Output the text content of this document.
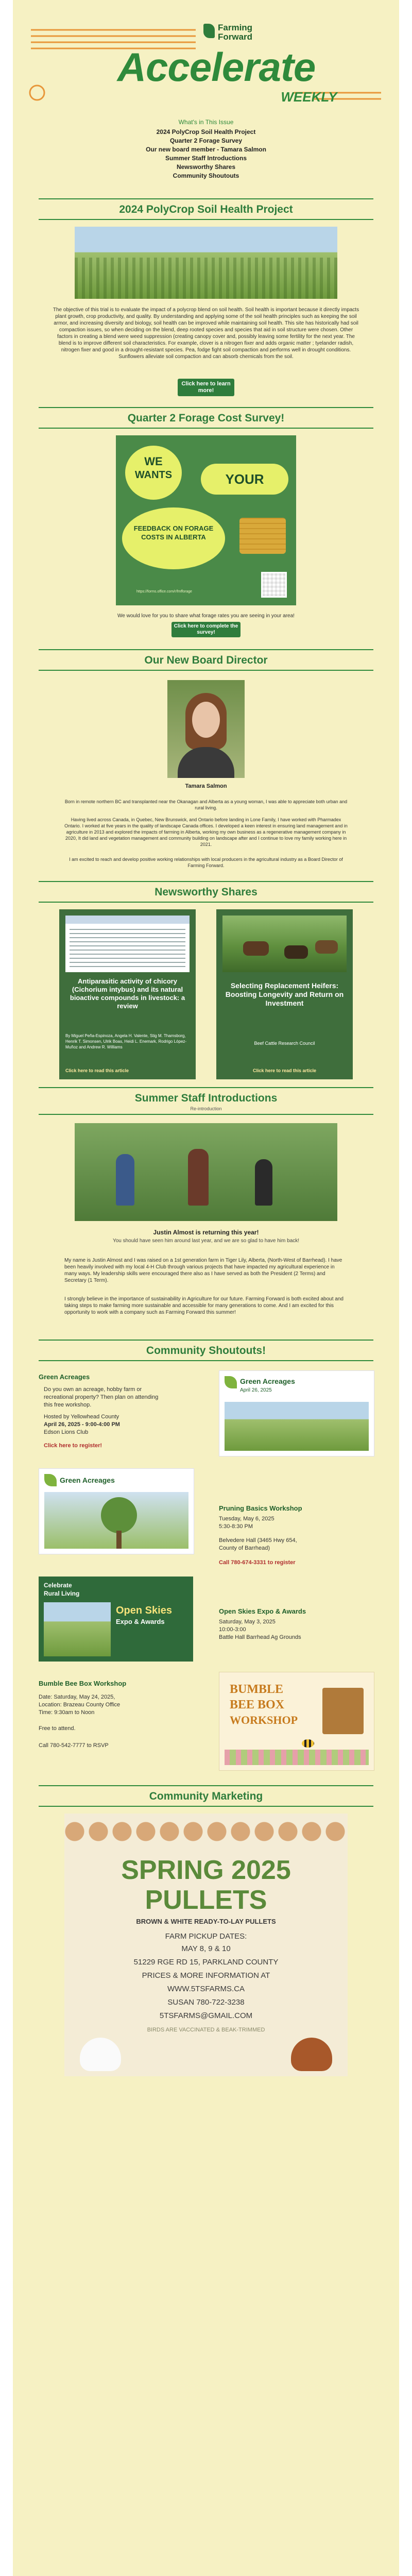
Farming
Forward
Accelerate
WEEKLY
What's in This Issue
2024 PolyCrop Soil Health Project
Quarter 2 Forage Survey
Our new board member - Tamara Salmon
Summer Staff Introductions
Newsworthy Shares
Community Shoutouts
2024 PolyCrop Soil Health Project
The objective of this trial is to evaluate the impact of a polycrop blend on soil health. Soil health is important because it directly impacts plant growth, crop productivity, and quality. By understanding and applying some of the soil health principles such as keeping the soil armor, and increasing diversity and biology, soil health can be improved while maintaining soil health. This site has historically had soil compaction issues, so when deciding on the blend, deep rooted species and species that aid in soil structure were chosen. Other factors in creating a blend were weed suppression (creating canopy cover and, possibly leaving some fertility for the next year. The blend is to improve different soil characteristics. For example, clover is a nitrogen fixer and adds organic matter ; tyelander radish, nitrogen fixer and good in a drought-resistant species. Pea, fodge fight soil compaction and performs well in drought conditions. Sunflowers alleviate soil compaction and can absorb chemicals from the soil.
Click here to learn more!
Quarter 2 Forage Cost Survey!
WE
WANTS	YOUR
FEEDBACK ON FORAGE COSTS IN ALBERTA
https://forms.office.com/r/fmfforage
We would love for you to share what forage rates you are seeing in your area!
Click here to complete the survey!
Our New Board Director
Tamara Salmon
Born in remote northern BC and transplanted near the Okanagan and Alberta as a young woman, I was able to appreciate both urban and rural living.
Having lived across Canada, in Quebec, New Brunswick, and Ontario before landing in Lone Family, I have worked with Pharmadex Ontario. I worked at five years in the quality of landscape Canada offices. I developed a keen interest in ensuring land management and in agriculture in 2013 and explored the impacts of farming in Alberta, working my own business as a regenerative management company in 2020, It did land and vegetation management and community building on landscape after and I continue to love my family working here in 2021.
I am excited to reach and develop positive working relationships with local producers in the agricultural industry as a Board Director of Farming Forward.
Newsworthy Shares
Antiparasitic activity of chicory (Cichorium intybus) and its natural bioactive compounds in livestock: a review
By Miguel Peña-Espinoza, Angela H. Valente, Stig M. Thamsborg, Henrik T. Simonsen, Ulrik Boas, Heidi L. Enemark, Rodrigo López-Muñoz and Andrew R. Williams
Click here to read this article
Selecting Replacement Heifers: Boosting Longevity and Return on Investment
Beef Cattle Research Council
Click here to read this article
Summer Staff Introductions
Re-introduction
Justin Almost is returning this year!
You should have seen him around last year, and we are so glad to have him back!
My name is Justin Almost and I was raised on a 1st generation farm in Tiger Lily, Alberta, (North-West of Barrhead). I have been heavily involved with my local 4-H Club through various projects that have impacted my agricultural experience in many ways. My leadership skills were encouraged there also as I have served as both the President (2 Terms) and Secretary (1 Term).
I strongly believe in the importance of sustainability in Agriculture for our future. Farming Forward is both excited about and taking steps to make farming more sustainable and accessible for many generations to come. And I am excited for this opportunity to work with a company such as Farming Forward this summer!
Community Shoutouts!
Green Acreages
Do you own an acreage, hobby farm or recreational property? Then plan on attending this free workshop.
Hosted by Yellowhead County
April 26, 2025 - 9:00-4:00 PM
Edson Lions Club
Click here to register!
Green Acreages
April 26, 2025
Green Acreages
Pruning Basics Workshop
Tuesday, May 6, 2025
5:30-8:30 PM
Belvedere Hall (3465 Hwy 654,
County of Barrhead)
Call 780-674-3331 to register
Celebrate
Rural Living
Open Skies
Expo & Awards
Open Skies Expo & Awards
Saturday, May 3, 2025
10:00-3:00
Battle Hall Barrhead Ag Grounds
Bumble Bee Box Workshop
Date: Saturday, May 24, 2025,
Location: Brazeau County Office
Time: 9:30am to Noon
Free to attend.
Call 780-542-7777 to RSVP
BUMBLE
BEE BOX
WORKSHOP
Community Marketing
SPRING 2025
PULLETS
BROWN & WHITE READY-TO-LAY PULLETS
FARM PICKUP DATES:
MAY 8, 9 & 10
51229 RGE RD 15, PARKLAND COUNTY
PRICES & MORE INFORMATION AT
WWW.5TSFARMS.CA
SUSAN 780-722-3238
5TSFARMS@GMAIL.COM
BIRDS ARE VACCINATED & BEAK-TRIMMED
